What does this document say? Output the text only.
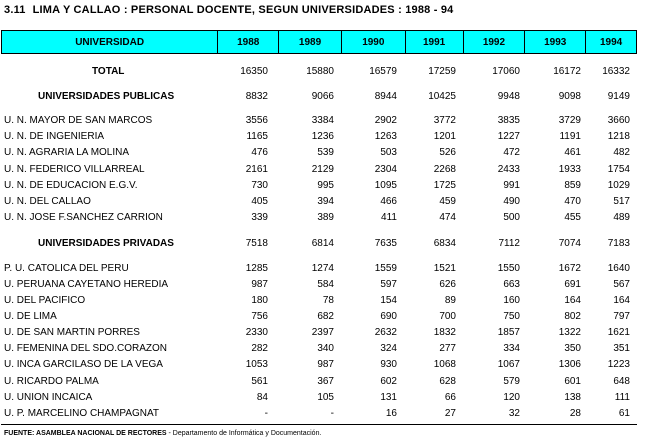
3.11 LIMA Y CALLAO : PERSONAL DOCENTE, SEGUN UNIVERSIDADES : 1988 - 94
UNIVERSIDAD	1988	1989	1990	1991	1992	1993	1994
TOTAL	16350	15880	16579	17259	17060	16172	16332
UNIVERSIDADES PUBLICAS	8832	9066	8944	10425	9948	9098	9149
U. N. MAYOR DE SAN MARCOS	3556	3384	2902	3772	3835	3729	3660
U. N. DE INGENIERIA	1165	1236	1263	1201	1227	1191	1218
U. N. AGRARIA LA MOLINA	476	539	503	526	472	461	482
U. N. FEDERICO VILLARREAL	2161	2129	2304	2268	2433	1933	1754
U. N. DE EDUCACION E.G.V.	730	995	1095	1725	991	859	1029
U. N. DEL CALLAO	405	394	466	459	490	470	517
U. N. JOSE F.SANCHEZ CARRION	339	389	411	474	500	455	489
UNIVERSIDADES PRIVADAS	7518	6814	7635	6834	7112	7074	7183
P. U. CATOLICA DEL PERU	1285	1274	1559	1521	1550	1672	1640
U. PERUANA CAYETANO HEREDIA	987	584	597	626	663	691	567
U. DEL PACIFICO	180	78	154	89	160	164	164
U. DE LIMA	756	682	690	700	750	802	797
U. DE SAN MARTIN PORRES	2330	2397	2632	1832	1857	1322	1621
U. FEMENINA DEL SDO.CORAZON	282	340	324	277	334	350	351
U. INCA GARCILASO DE LA VEGA	1053	987	930	1068	1067	1306	1223
U. RICARDO PALMA	561	367	602	628	579	601	648
U. UNION INCAICA	84	105	131	66	120	138	111
U. P. MARCELINO CHAMPAGNAT	-	-	16	27	32	28	61
FUENTE: ASAMBLEA NACIONAL DE RECTORES - Departamento de Informática y Documentación.
